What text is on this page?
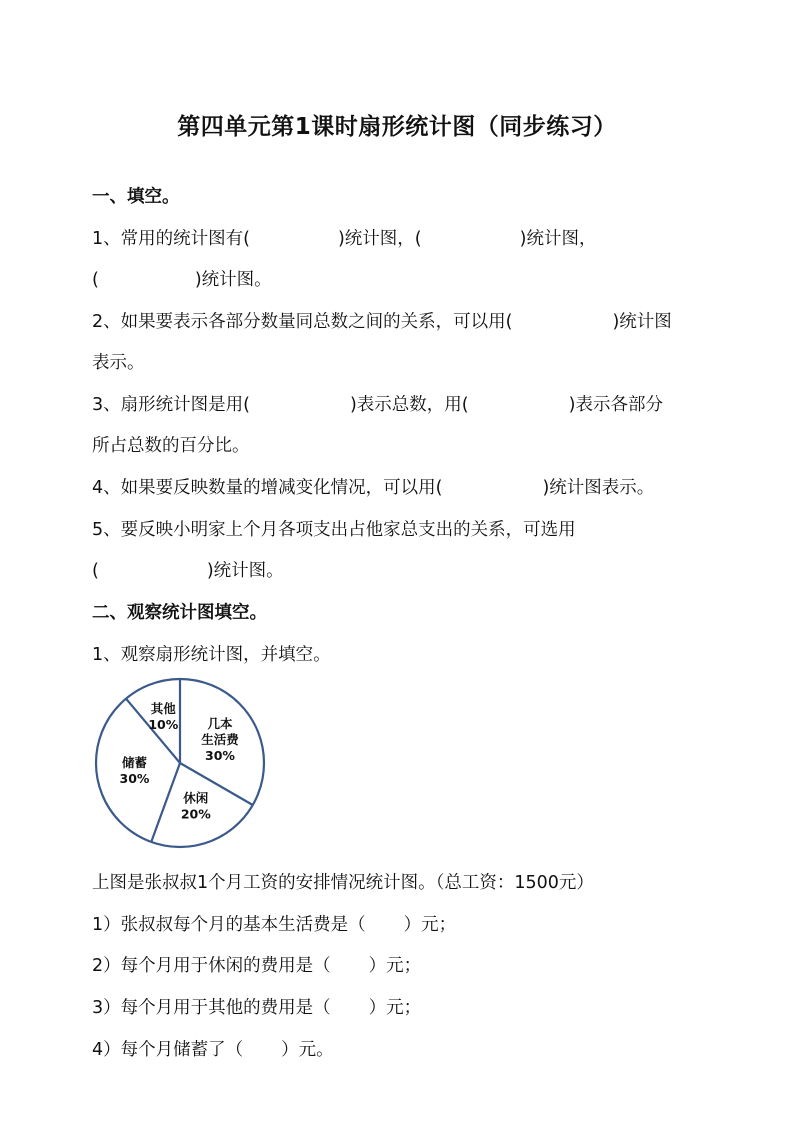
第四单元第1课时扇形统计图（同步练习）
一、填空。
1、常用的统计图有(	)统计图，(	)统计图，
(	)统计图。
2、如果要表示各部分数量同总数之间的关系，可以用(	)统计图
表示。
3、扇形统计图是用(	)表示总数，用(	)表示各部分
所占总数的百分比。
4、如果要反映数量的增减变化情况，可以用(	)统计图表示。
5、要反映小明家上个月各项支出占他家总支出的关系，可选用
(	)统计图。
二、观察统计图填空。
1、观察扇形统计图，并填空。
几本
生活费
30%
休闲
20%
储蓄
30%
其他
10%
上图是张叔叔1个月工资的安排情况统计图。（总工资：1500元）
1）张叔叔每个月的基本生活费是（ ）元；
2）每个月用于休闲的费用是（ ）元；
3）每个月用于其他的费用是（ ）元；
4）每个月储蓄了（ ）元。
